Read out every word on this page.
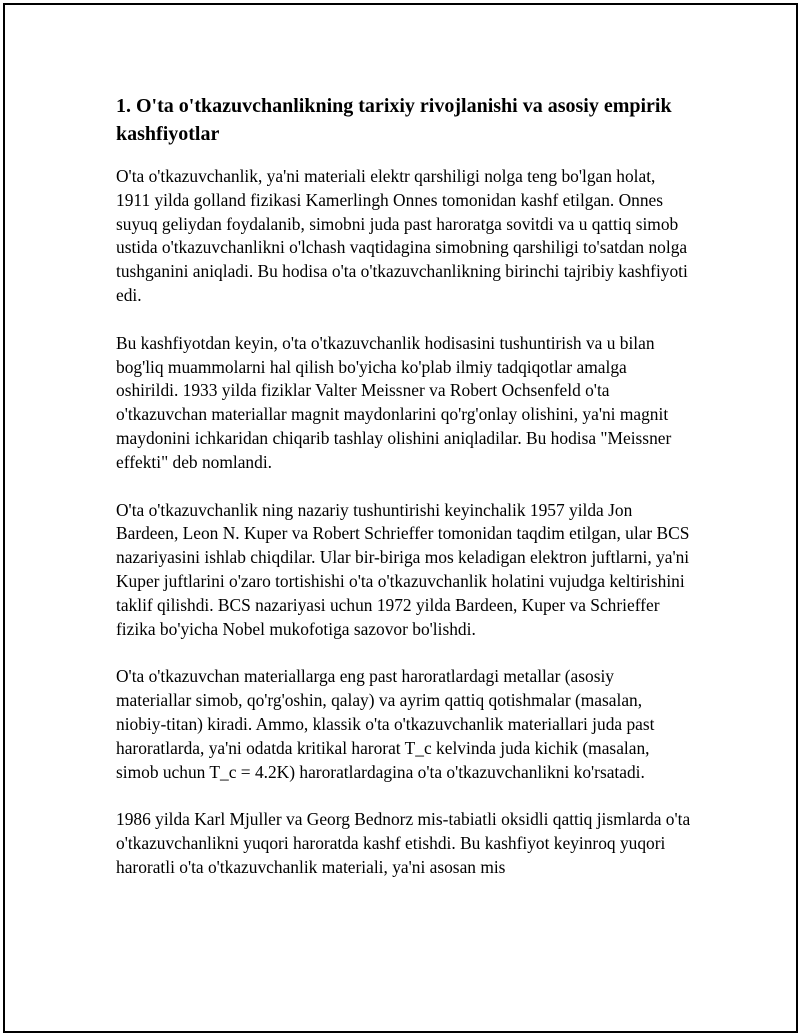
1. O'ta o'tkazuvchanlikning tarixiy rivojlanishi va asosiy empirik kashfiyotlar

O'ta o'tkazuvchanlik, ya'ni materiali elektr qarshiligi nolga teng bo'lgan holat, 1911 yilda golland fizikasi Kamerlingh Onnes tomonidan kashf etilgan. Onnes suyuq geliydan foydalanib, simobni juda past haroratga sovitdi va u qattiq simob ustida o'tkazuvchanlikni o'lchash vaqtidagina simobning qarshiligi to'satdan nolga tushganini aniqladi. Bu hodisa o'ta o'tkazuvchanlikning birinchi tajribiy kashfiyoti edi.

Bu kashfiyotdan keyin, o'ta o'tkazuvchanlik hodisasini tushuntirish va u bilan bog'liq muammolarni hal qilish bo'yicha ko'plab ilmiy tadqiqotlar amalga oshirildi. 1933 yilda fiziklar Valter Meissner va Robert Ochsenfeld o'ta o'tkazuvchan materiallar magnit maydonlarini qo'rg'onlay olishini, ya'ni magnit maydonini ichkaridan chiqarib tashlay olishini aniqladilar. Bu hodisa "Meissner effekti" deb nomlandi.

O'ta o'tkazuvchanlik ning nazariy tushuntirishi keyinchalik 1957 yilda Jon Bardeen, Leon N. Kuper va Robert Schrieffer tomonidan taqdim etilgan, ular BCS nazariyasini ishlab chiqdilar. Ular bir-biriga mos keladigan elektron juftlarni, ya'ni Kuper juftlarini o'zaro tortishishi o'ta o'tkazuvchanlik holatini vujudga keltirishini taklif qilishdi. BCS nazariyasi uchun 1972 yilda Bardeen, Kuper va Schrieffer fizika bo'yicha Nobel mukofotiga sazovor bo'lishdi.

O'ta o'tkazuvchan materiallarga eng past haroratlardagi metallar (asosiy materiallar simob, qo'rg'oshin, qalay) va ayrim qattiq qotishmalar (masalan, niobiy-titan) kiradi. Ammo, klassik o'ta o'tkazuvchanlik materiallari juda past haroratlarda, ya'ni odatda kritikal harorat T_c kelvinda juda kichik (masalan, simob uchun T_c = 4.2K) haroratlardagina o'ta o'tkazuvchanlikni ko'rsatadi.

1986 yilda Karl Mjuller va Georg Bednorz mis-tabiatli oksidli qattiq jismlarda o'ta o'tkazuvchanlikni yuqori haroratda kashf etishdi. Bu kashfiyot keyinroq yuqori haroratli o'ta o'tkazuvchanlik materiali, ya'ni asosan mis
